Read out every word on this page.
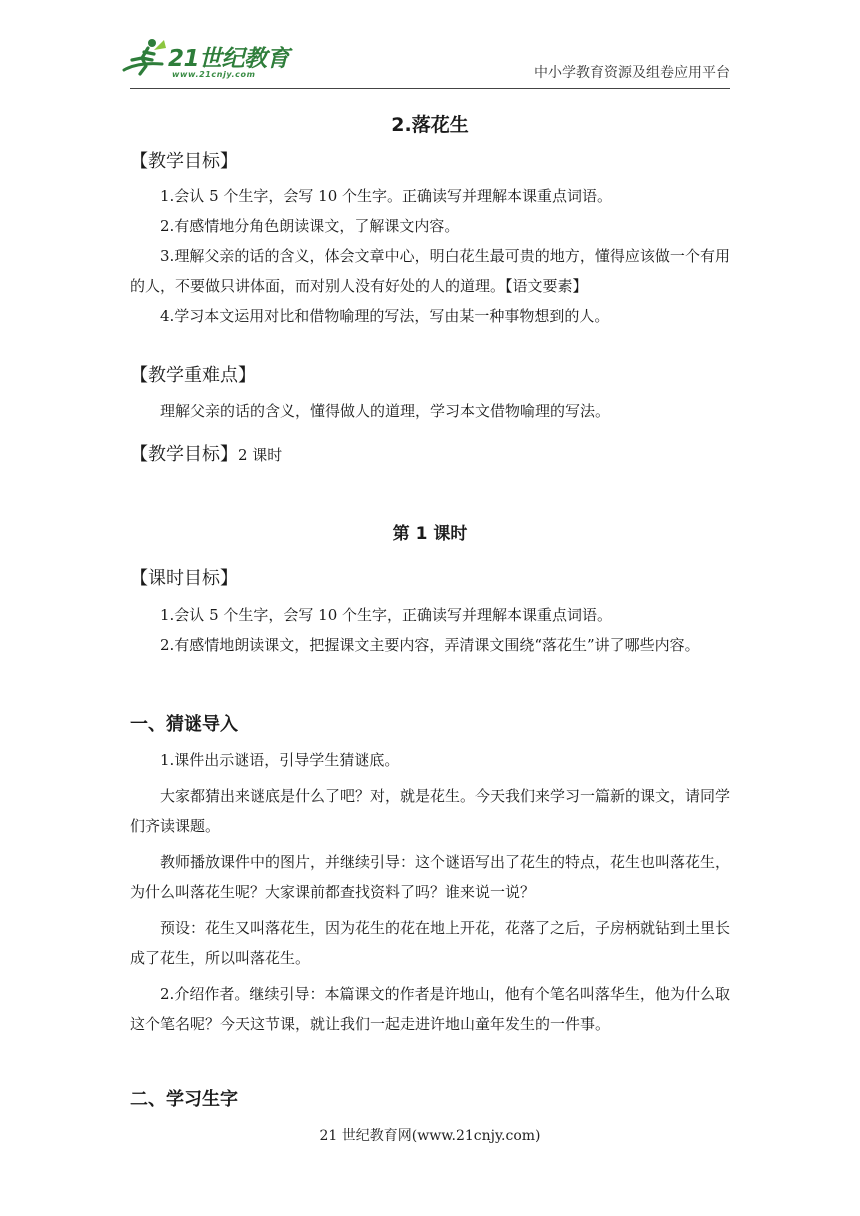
21世纪教育
www.21cnjy.com	中小学教育资源及组卷应用平台
2.落花生
【教学目标】
1.会认 5 个生字，会写 10 个生字。正确读写并理解本课重点词语。
2.有感情地分角色朗读课文，了解课文内容。
3.理解父亲的话的含义，体会文章中心，明白花生最可贵的地方，懂得应该做一个有用的人，不要做只讲体面，而对别人没有好处的人的道理。【语文要素】
4.学习本文运用对比和借物喻理的写法，写由某一种事物想到的人。
【教学重难点】
理解父亲的话的含义，懂得做人的道理，学习本文借物喻理的写法。
【教学目标】2 课时
第 1 课时
【课时目标】
1.会认 5 个生字，会写 10 个生字，正确读写并理解本课重点词语。
2.有感情地朗读课文，把握课文主要内容，弄清课文围绕“落花生”讲了哪些内容。
一、猜谜导入
1.课件出示谜语，引导学生猜谜底。
大家都猜出来谜底是什么了吧？对，就是花生。今天我们来学习一篇新的课文，请同学们齐读课题。
教师播放课件中的图片，并继续引导：这个谜语写出了花生的特点，花生也叫落花生，为什么叫落花生呢？大家课前都查找资料了吗？谁来说一说？
预设：花生又叫落花生，因为花生的花在地上开花，花落了之后，子房柄就钻到土里长成了花生，所以叫落花生。
2.介绍作者。继续引导：本篇课文的作者是许地山，他有个笔名叫落华生，他为什么取这个笔名呢？今天这节课，就让我们一起走进许地山童年发生的一件事。
二、学习生字
21 世纪教育网(www.21cnjy.com)
